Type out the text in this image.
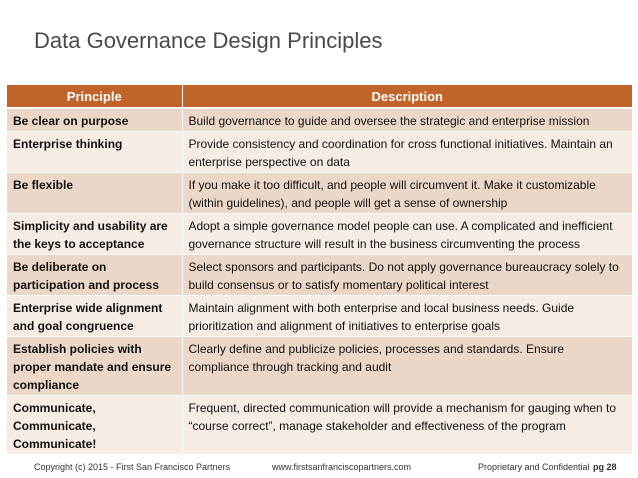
Data Governance Design Principles
Principle	Description
Be clear on purpose	Build governance to guide and oversee the strategic and enterprise mission
Enterprise thinking	Provide consistency and coordination for cross functional initiatives. Maintain an enterprise perspective on data
Be flexible	If you make it too difficult, and people will circumvent it. Make it customizable (within guidelines), and people will get a sense of ownership
Simplicity and usability are the keys to acceptance	Adopt a simple governance model people can use. A complicated and inefficient governance structure will result in the business circumventing the process
Be deliberate on participation and process	Select sponsors and participants. Do not apply governance bureaucracy solely to build consensus or to satisfy momentary political interest
Enterprise wide alignment and goal congruence	Maintain alignment with both enterprise and local business needs. Guide prioritization and alignment of initiatives to enterprise goals
Establish policies with proper mandate and ensure compliance	Clearly define and publicize policies, processes and standards. Ensure compliance through tracking and audit
Communicate, Communicate, Communicate!	Frequent, directed communication will provide a mechanism for gauging when to “course correct”, manage stakeholder and effectiveness of the program
Copyright (c) 2015 - First San Francisco Partners	www.firstsanfranciscopartners.com	Proprietary and Confidential pg 28
